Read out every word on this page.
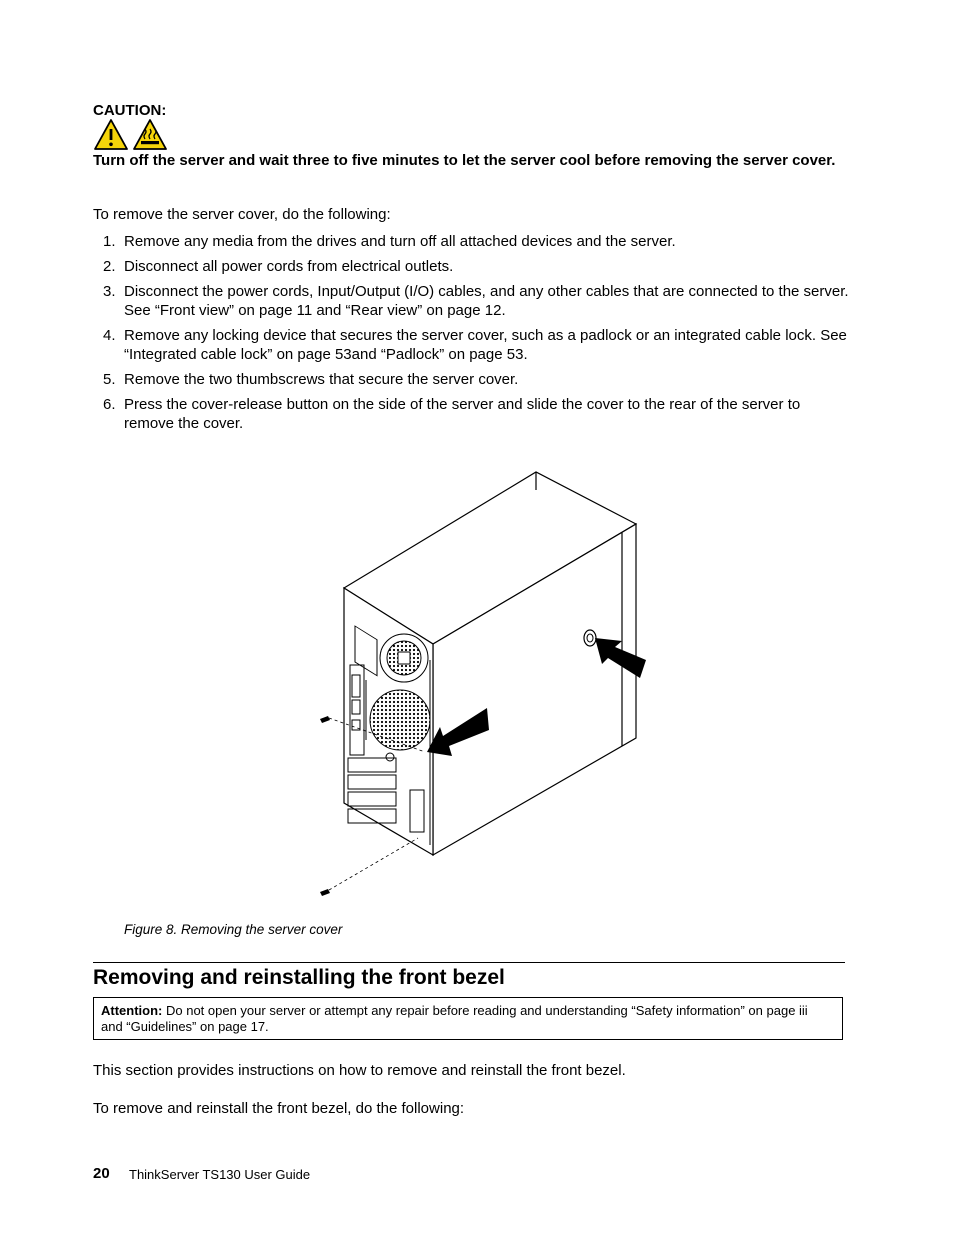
CAUTION:
Turn off the server and wait three to five minutes to let the server cool before removing the server cover.
To remove the server cover, do the following:
1. Remove any media from the drives and turn off all attached devices and the server.
2. Disconnect all power cords from electrical outlets.
3. Disconnect the power cords, Input/Output (I/O) cables, and any other cables that are connected to the server. See “Front view” on page 11 and “Rear view” on page 12.
4. Remove any locking device that secures the server cover, such as a padlock or an integrated cable lock. See “Integrated cable lock” on page 53and “Padlock” on page 53.
5. Remove the two thumbscrews that secure the server cover.
6. Press the cover-release button on the side of the server and slide the cover to the rear of the server to remove the cover.
Figure 8. Removing the server cover
Removing and reinstalling the front bezel
Attention: Do not open your server or attempt any repair before reading and understanding “Safety information” on page iii and “Guidelines” on page 17.
This section provides instructions on how to remove and reinstall the front bezel.
To remove and reinstall the front bezel, do the following:
20 ThinkServer TS130 User Guide
